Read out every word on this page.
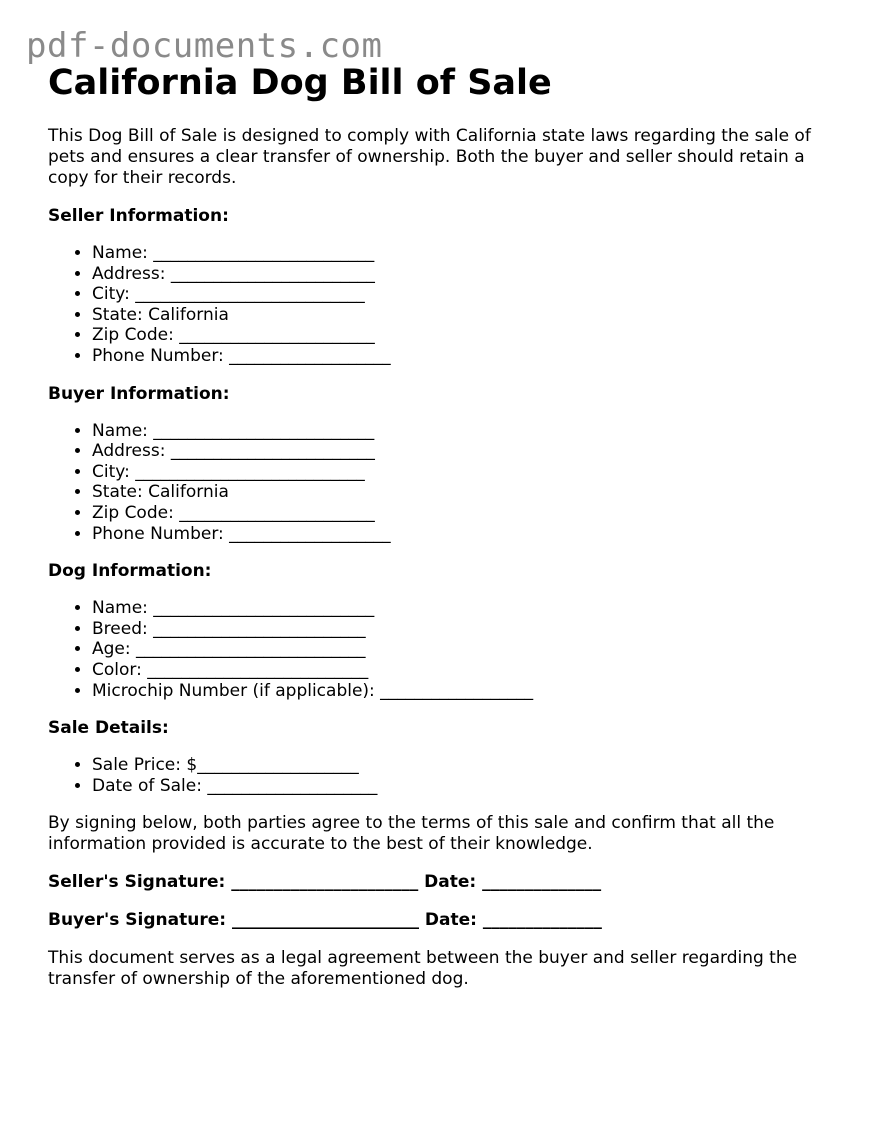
pdf-documents.com
California Dog Bill of Sale

This Dog Bill of Sale is designed to comply with California state laws regarding the sale of pets and ensures a clear transfer of ownership. Both the buyer and seller should retain a copy for their records.

Seller Information:
• Name: __________________________
• Address: ________________________
• City: ___________________________
• State: California
• Zip Code: _______________________
• Phone Number: ___________________
Buyer Information:
• Name: __________________________
• Address: ________________________
• City: ___________________________
• State: California
• Zip Code: _______________________
• Phone Number: ___________________
Dog Information:
• Name: __________________________
• Breed: _________________________
• Age: ___________________________
• Color: __________________________
• Microchip Number (if applicable): __________________
Sale Details:
• Sale Price: $___________________
• Date of Sale: ____________________

By signing below, both parties agree to the terms of this sale and confirm that all the information provided is accurate to the best of their knowledge.

Seller's Signature: ______________________ Date: ______________
Buyer's Signature: ______________________ Date: ______________

This document serves as a legal agreement between the buyer and seller regarding the transfer of ownership of the aforementioned dog.
